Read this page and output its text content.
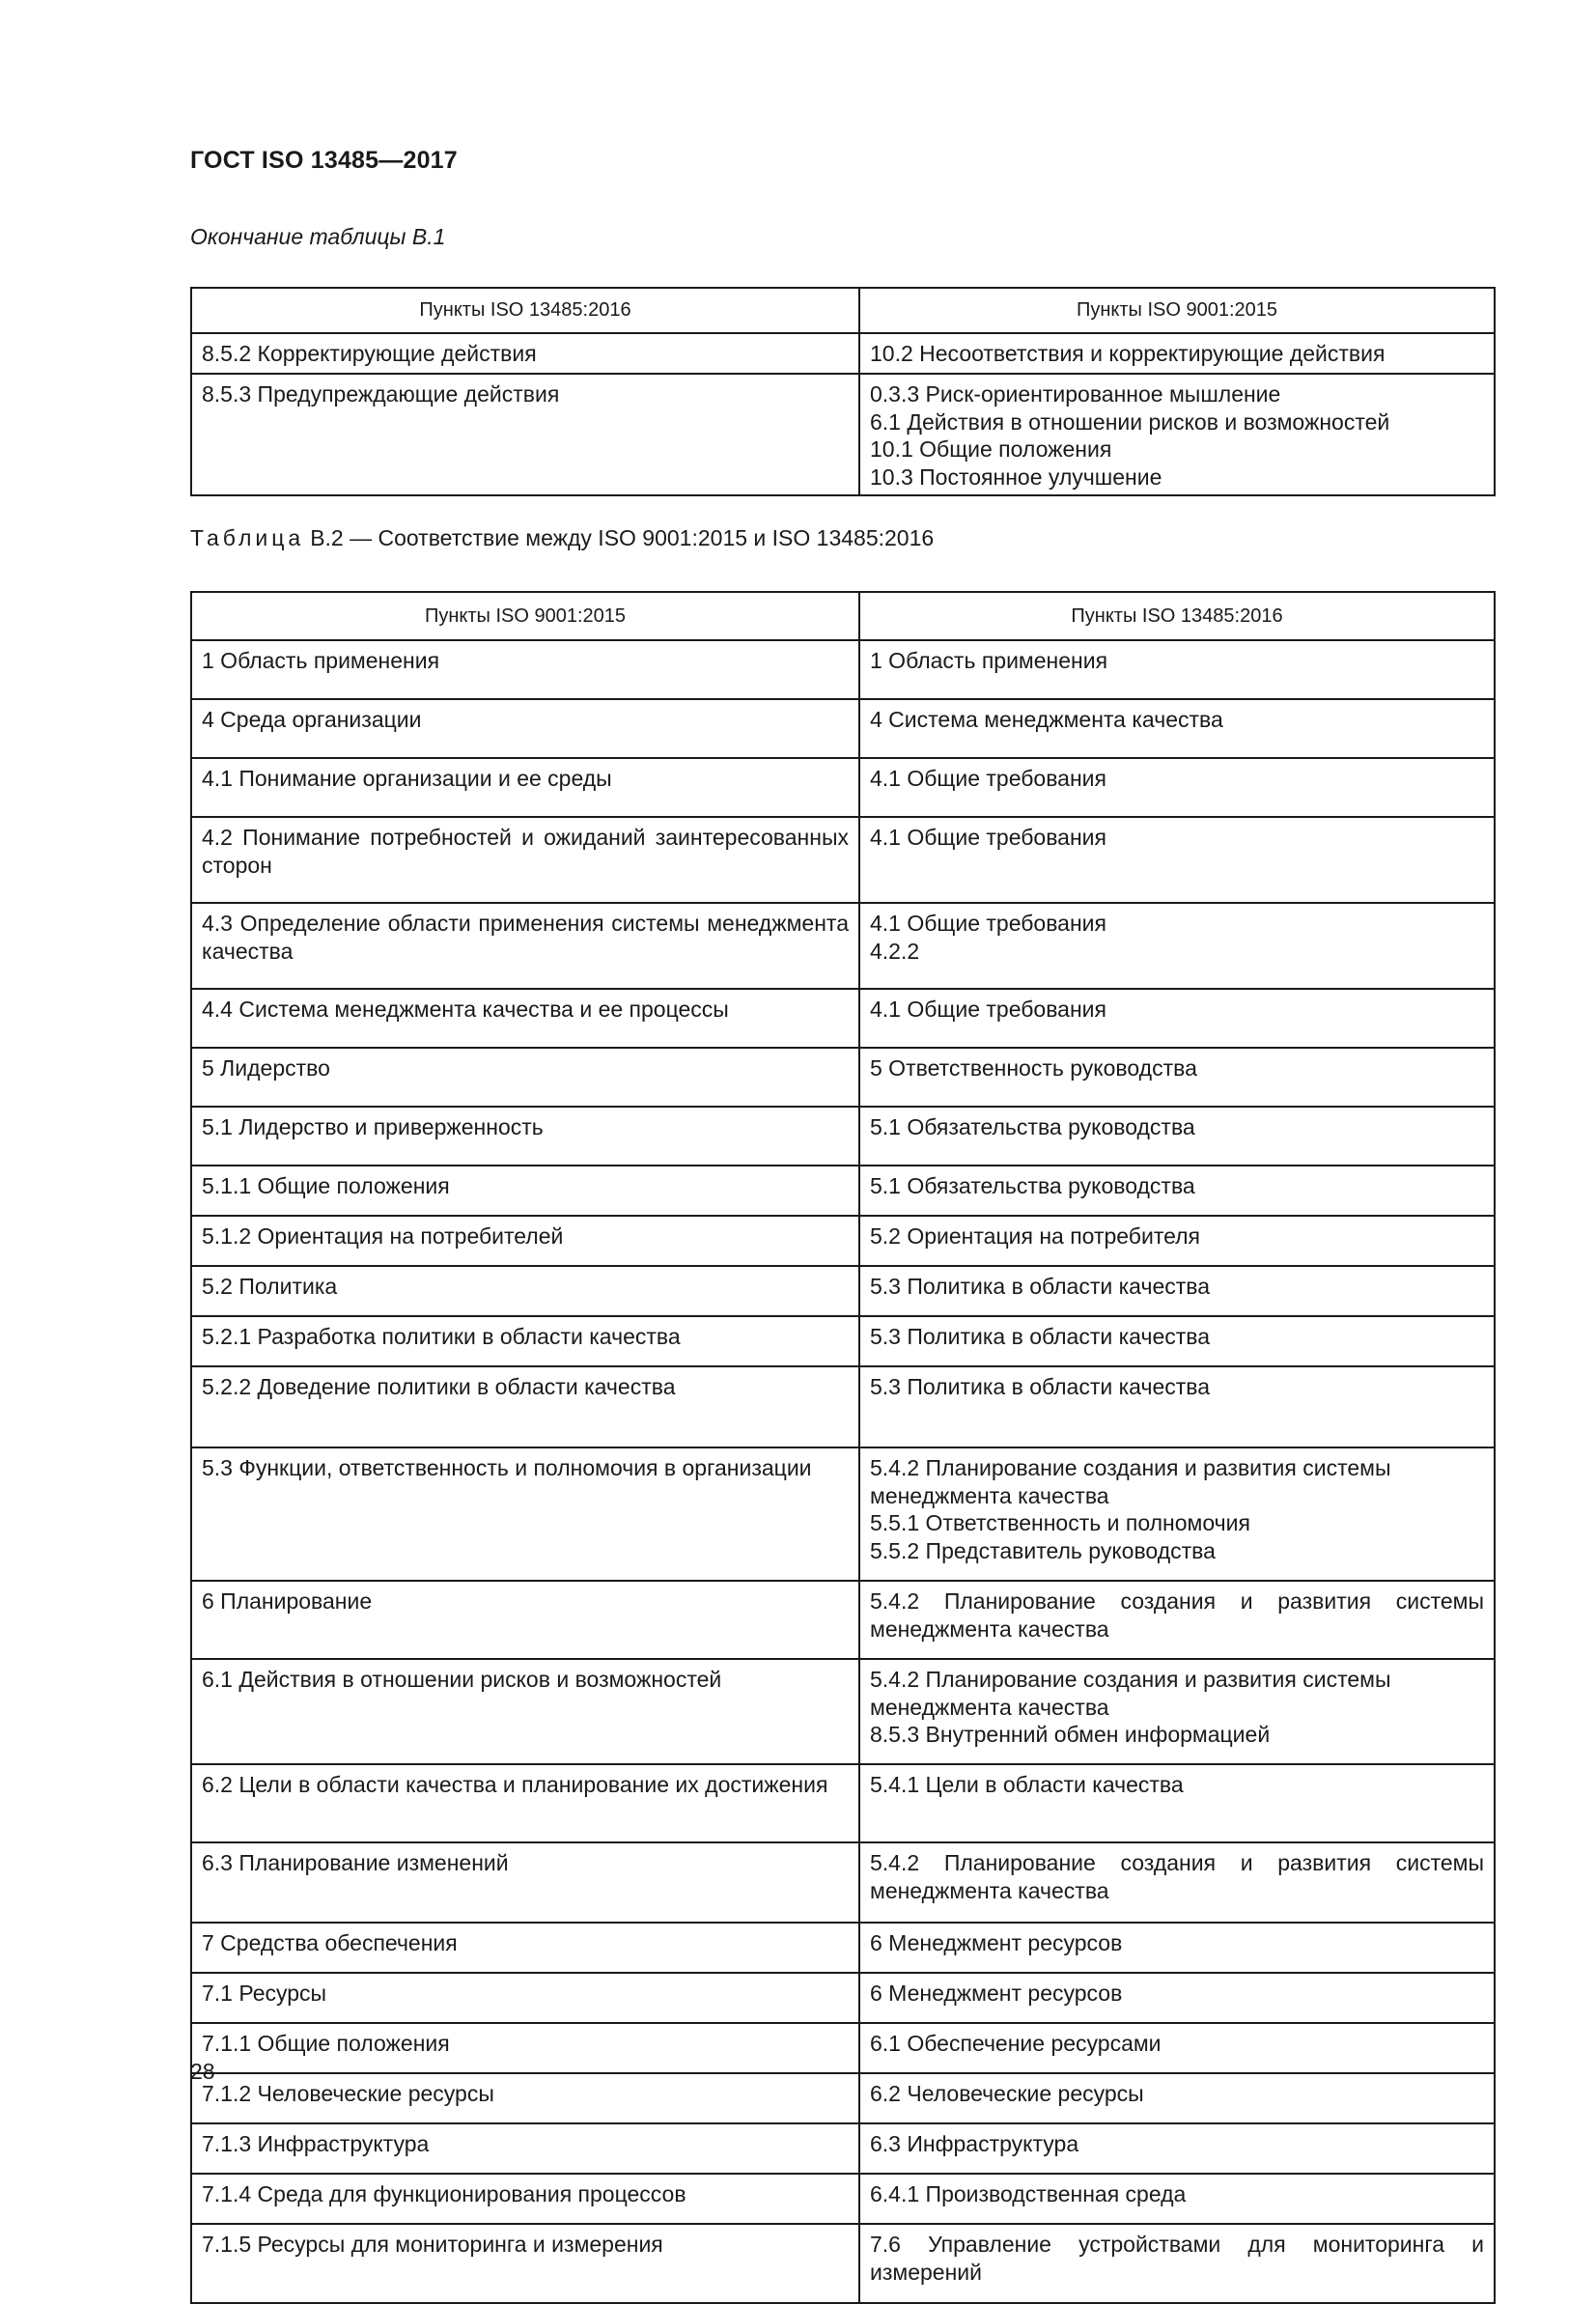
ГОСТ ISO 13485—2017
Окончание таблицы В.1
Пункты ISO 13485:2016	Пункты ISO 9001:2015

8.5.2 Корректирующие действия	10.2 Несоответствия и корректирующие действия

8.5.3 Предупреждающие действия	0.3.3 Риск-ориентированное мышление
6.1 Действия в отношении рисков и возможностей
10.1 Общие положения
10.3 Постоянное улучшение
Таблица В.2 — Соответствие между ISO 9001:2015 и ISO 13485:2016
Пункты ISO 9001:2015	Пункты ISO 13485:2016

1 Область применения	1 Область применения

4 Среда организации	4 Система менеджмента качества

4.1 Понимание организации и ее среды	4.1 Общие требования

4.2 Понимание потребностей и ожиданий заинтересованных сторон	4.1 Общие требования

4.3 Определение области применения системы менеджмента качества	4.1 Общие требования
4.2.2

4.4 Система менеджмента качества и ее процессы	4.1 Общие требования

5 Лидерство	5 Ответственность руководства

5.1 Лидерство и приверженность	5.1 Обязательства руководства

5.1.1 Общие положения	5.1 Обязательства руководства

5.1.2 Ориентация на потребителей	5.2 Ориентация на потребителя

5.2 Политика	5.3 Политика в области качества

5.2.1 Разработка политики в области качества	5.3 Политика в области качества

5.2.2 Доведение политики в области качества	5.3 Политика в области качества

5.3 Функции, ответственность и полномочия в организации	5.4.2 Планирование создания и развития системы менеджмента качества
5.5.1 Ответственность и полномочия
5.5.2 Представитель руководства

6 Планирование	5.4.2 Планирование создания и развития системы менеджмента качества

6.1 Действия в отношении рисков и возможностей	5.4.2 Планирование создания и развития системы менеджмента качества
8.5.3 Внутренний обмен информацией

6.2 Цели в области качества и планирование их достижения	5.4.1 Цели в области качества

6.3 Планирование изменений	5.4.2 Планирование создания и развития системы менеджмента качества

7 Средства обеспечения	6 Менеджмент ресурсов

7.1 Ресурсы	6 Менеджмент ресурсов

7.1.1 Общие положения	6.1 Обеспечение ресурсами

7.1.2 Человеческие ресурсы	6.2 Человеческие ресурсы

7.1.3 Инфраструктура	6.3 Инфраструктура

7.1.4 Среда для функционирования процессов	6.4.1 Производственная среда

7.1.5 Ресурсы для мониторинга и измерения	7.6 Управление устройствами для мониторинга и измерений
28
